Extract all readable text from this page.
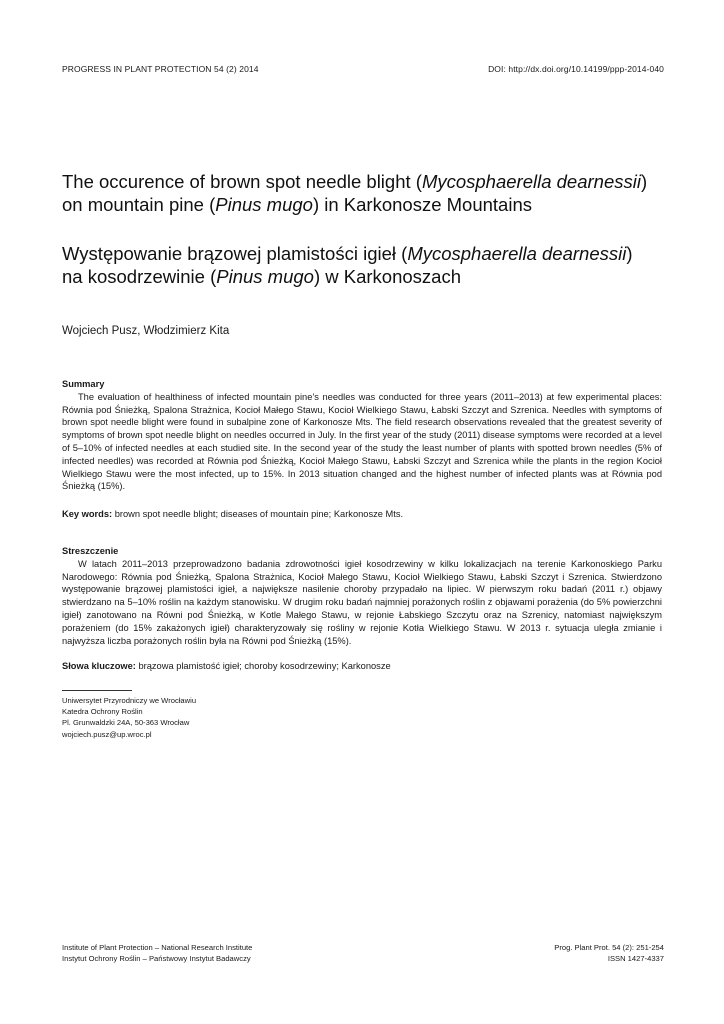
PROGRESS IN PLANT PROTECTION 54 (2) 2014	DOI: http://dx.doi.org/10.14199/ppp-2014-040
The occurence of brown spot needle blight (Mycosphaerella dearnessii)
on mountain pine (Pinus mugo) in Karkonosze Mountains
Występowanie brązowej plamistości igieł (Mycosphaerella dearnessii)
na kosodrzewinie (Pinus mugo) w Karkonoszach
Wojciech Pusz, Włodzimierz Kita
Summary

The evaluation of healthiness of infected mountain pine’s needles was conducted for three years (2011–2013) at few experimental places: Równia pod Śnieżką, Spalona Strażnica, Kocioł Małego Stawu, Kocioł Wielkiego Stawu, Łabski Szczyt and Szrenica. Needles with symptoms of brown spot needle blight were found in subalpine zone of Karkonosze Mts. The field research observations revealed that the greatest severity of symptoms of brown spot needle blight on needles occurred in July. In the first year of the study (2011) disease symptoms were recorded at a level of 5–10% of infected needles at each studied site. In the second year of the study the least number of plants with spotted brown needles (5% of infected needles) was recorded at Równia pod Śnieżką, Kocioł Małego Stawu, Łabski Szczyt and Szrenica while the plants in the region Kocioł Wielkiego Stawu were the most infected, up to 15%. In 2013 situation changed and the highest number of infected plants was at Równia pod Śnieżką (15%).

Key words: brown spot needle blight; diseases of mountain pine; Karkonosze Mts.
Streszczenie

W latach 2011–2013 przeprowadzono badania zdrowotności igieł kosodrzewiny w kilku lokalizacjach na terenie Karkonoskiego Parku Narodowego: Równia pod Śnieżką, Spalona Strażnica, Kocioł Małego Stawu, Kocioł Wielkiego Stawu, Łabski Szczyt i Szrenica. Stwierdzono występowanie brązowej plamistości igieł, a największe nasilenie choroby przypadało na lipiec. W pierwszym roku badań (2011 r.) objawy stwierdzano na 5–10% roślin na każdym stanowisku. W drugim roku badań najmniej porażonych roślin z objawami porażenia (do 5% powierzchni igieł) zanotowano na Równi pod Śnieżką, w Kotle Małego Stawu, w rejonie Łabskiego Szczytu oraz na Szrenicy, natomiast największym porażeniem (do 15% zakażonych igieł) charakteryzowały się rośliny w rejonie Kotła Wielkiego Stawu. W 2013 r. sytuacja uległa zmianie i najwyższa liczba porażonych roślin była na Równi pod Śnieżką (15%).

Słowa kluczowe: brązowa plamistość igieł; choroby kosodrzewiny; Karkonosze
Uniwersytet Przyrodniczy we Wrocławiu
Katedra Ochrony Roślin
Pl. Grunwaldzki 24A, 50-363 Wrocław
wojciech.pusz@up.wroc.pl
Institute of Plant Protection – National Research Institute
Instytut Ochrony Roślin – Państwowy Instytut Badawczy
Prog. Plant Prot. 54 (2): 251-254
ISSN 1427-4337
